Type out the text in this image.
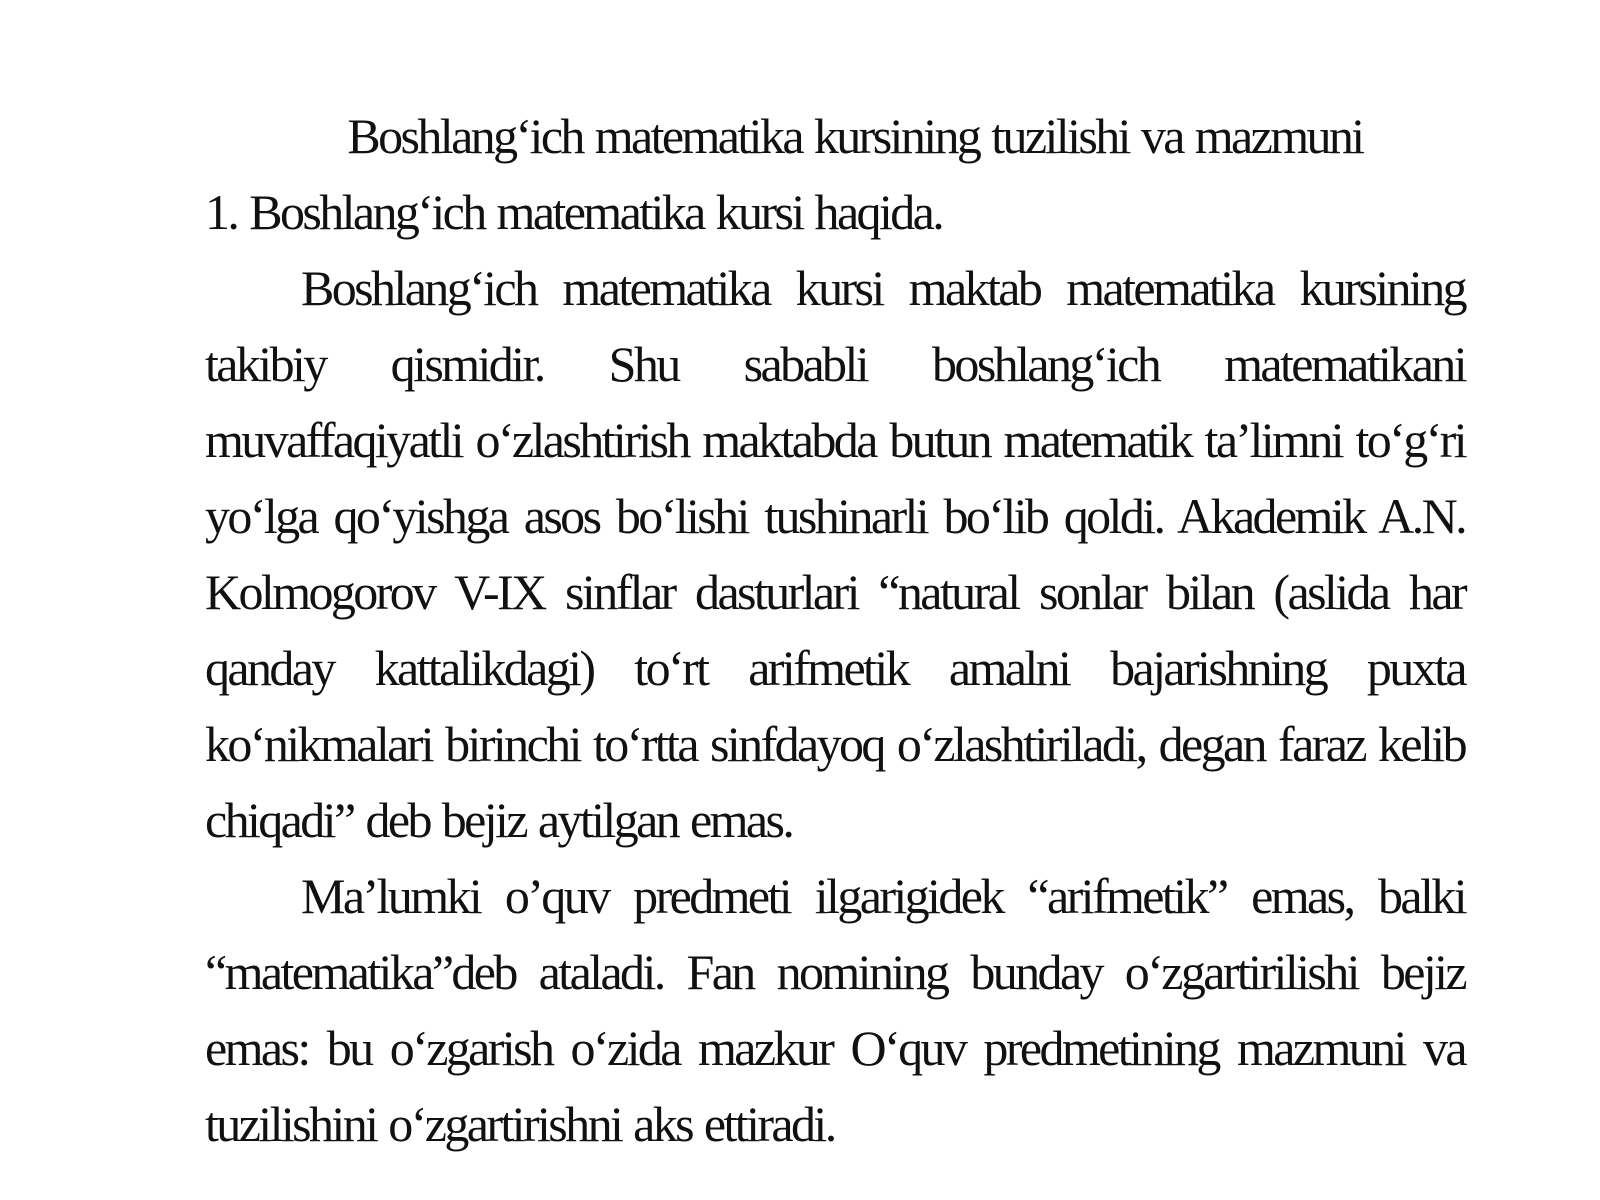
Boshlang‘ich matematika kursining tuzilishi va mazmuni
1. Boshlang‘ich matematika kursi haqida.

Boshlang‘ich matematika kursi maktab matematika kursining takibiy qismidir. Shu sababli boshlang‘ich matematikani muvaffaqiyatli o‘zlashtirish maktabda butun matematik ta’limni to‘g‘ri yo‘lga qo‘yishga asos bo‘lishi tushinarli bo‘lib qoldi. Akademik A.N. Kolmogorov V-IX sinflar dasturlari “natural sonlar bilan (aslida har qanday kattalikdagi) to‘rt arifmetik amalni bajarishning puxta ko‘nikmalari birinchi to‘rtta sinfdayoq o‘zlashtiriladi, degan faraz kelib chiqadi” deb bejiz aytilgan emas.

Ma’lumki o’quv predmeti ilgarigidek “arifmetik” emas, balki “matematika”deb ataladi. Fan nomining bunday o‘zgartirilishi bejiz emas: bu o‘zgarish o‘zida mazkur O‘quv predmetining mazmuni va tuzilishini o‘zgartirishni aks ettiradi.
